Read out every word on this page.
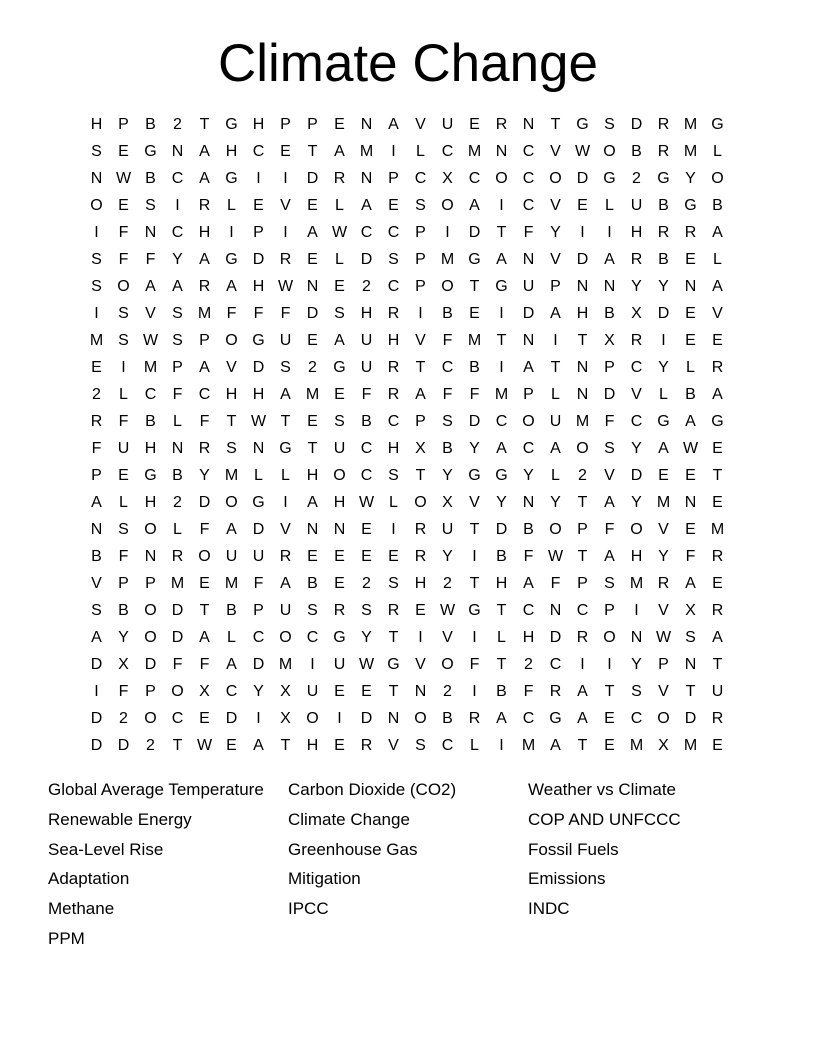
Climate Change
H P	B	2	T G H P	P	E N A	V U E R N	T G S D R M G
S	E G N A H C E	T	A M	I	L	C M N C V W O B R M L
N W B C A G	I	I	D R N P C X C O C O D G	2	G Y O
O E	S	I	R	L	E	V	E	L	A	E	S O A	I	C V	E	L	U B G B
I	F	N C H	I	P	I	A W C C P	I	D	T	F	Y	I	I	H R R A
S	F	F	Y	A G D R E	L	D S	P M G A N V D A R B	E	L
S O A	A R A H W N E	2	C P O T G U P N N Y	Y N A
I	S	V	S M F	F	F	D S H R	I	B	E	I	D A H B	X D E	V
M S W S	P O G U E	A U H V	F M T	N	I	T	X R	I	E	E
E	I	M P	A	V D S	2	G U R	T	C B	I	A	T	N P C Y	L	R
2	L	C	F	C H H A M E	F	R A	F	F M P	L	N D V	L	B	A
R	F	B	L	F	T W T	E	S	B C P	S D C O U M F	C G A G
F	U H N R S N G T	U C H X	B	Y	A C A O S	Y	A W E
P	E G B	Y M L	L	H O C S	T	Y G G Y	L	2	V D E	E	T
A	L	H	2	D O G	I	A H W L	O X	V	Y N Y	T	A	Y M N E
N S O	L	F	A D V N N E	I	R U	T	D B O P	F O V	E M
B	F	N R O U U R E	E	E	E R Y	I	B	F W T	A H Y	F	R
V	P	P M E M F	A	B	E	2	S H	2	T	H A	F	P	S M R A	E
S	B O D	T	B	P U S R S R E W G T	C N C P	I	V	X R
A	Y O D A	L	C O C G Y	T	I	V	I	L	H D R O N W S	A
D X D	F	F	A D M	I	U W G V O F	T	2	C	I	I	Y	P N	T
I	F	P O X C Y	X U E	E	T	N	2	I	B	F	R A	T	S	V	T	U
D	2	O C E D	I	X O	I	D N O B R A C G A	E C O D R
D D	2	T W E	A	T	H E R V	S C	L	I	M A	T	E M X M E
Global Average Temperature	Carbon Dioxide (CO2)	Weather vs Climate
Renewable Energy	Climate Change	COP AND UNFCCC
Sea-Level Rise	Greenhouse Gas	Fossil Fuels
Adaptation	Mitigation	Emissions
Methane	IPCC	INDC
PPM
